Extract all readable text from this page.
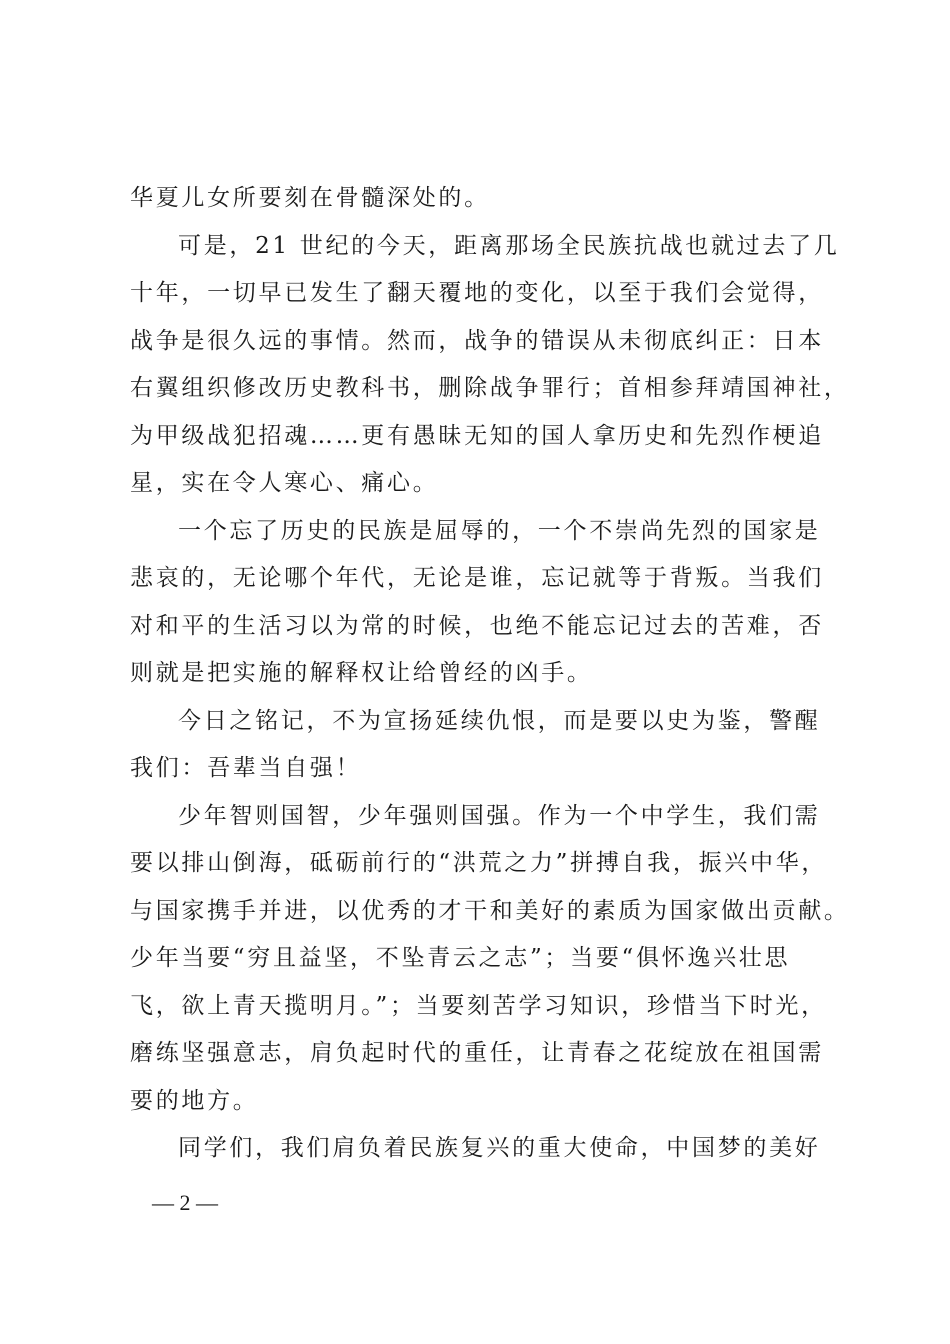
华夏儿女所要刻在骨髓深处的。
可是，21 世纪的今天，距离那场全民族抗战也就过去了几
十年，一切早已发生了翻天覆地的变化，以至于我们会觉得，
战争是很久远的事情。然而，战争的错误从未彻底纠正：日本
右翼组织修改历史教科书，删除战争罪行；首相参拜靖国神社，
为甲级战犯招魂……更有愚昧无知的国人拿历史和先烈作梗追
星，实在令人寒心、痛心。
一个忘了历史的民族是屈辱的，一个不崇尚先烈的国家是
悲哀的，无论哪个年代，无论是谁，忘记就等于背叛。当我们
对和平的生活习以为常的时候，也绝不能忘记过去的苦难，否
则就是把实施的解释权让给曾经的凶手。
今日之铭记，不为宣扬延续仇恨，而是要以史为鉴，警醒
我们：吾辈当自强！
少年智则国智，少年强则国强。作为一个中学生，我们需
要以排山倒海，砥砺前行的“洪荒之力”拼搏自我，振兴中华，
与国家携手并进，以优秀的才干和美好的素质为国家做出贡献。
少年当要“穷且益坚，不坠青云之志”；当要“俱怀逸兴壮思
飞，欲上青天揽明月。”；当要刻苦学习知识，珍惜当下时光，
磨练坚强意志，肩负起时代的重任，让青春之花绽放在祖国需
要的地方。
同学们，我们肩负着民族复兴的重大使命，中国梦的美好
— 2 —
